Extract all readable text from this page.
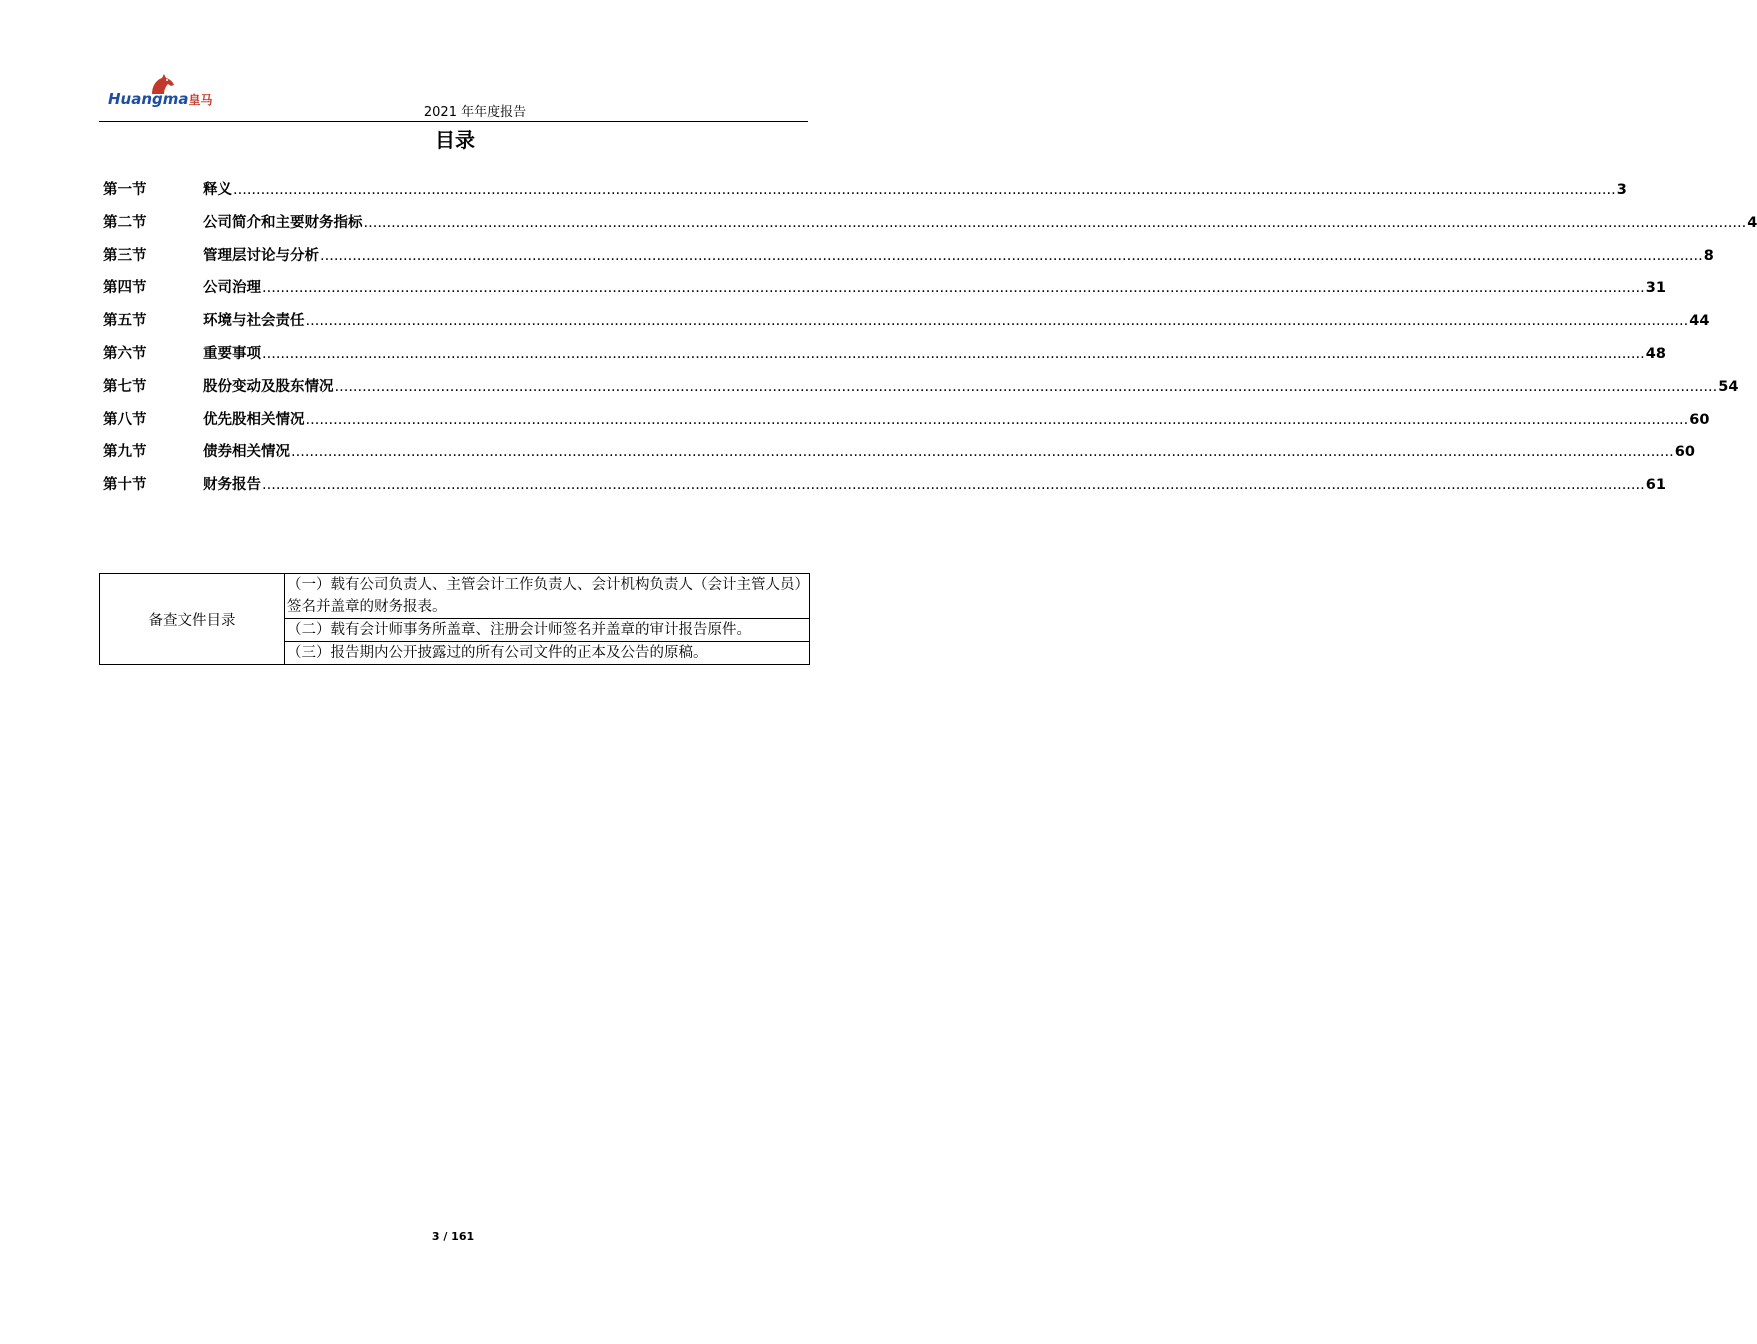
Huangma皇马
2021 年年度报告
目录
第一节	释义 ............................................................................................................................................................................................................................................................................................................ 3
第二节	公司简介和主要财务指标 ............................................................................................................................................................................................................................................................................................................ 4
第三节	管理层讨论与分析 ............................................................................................................................................................................................................................................................................................................ 8
第四节	公司治理 ............................................................................................................................................................................................................................................................................................................ 31
第五节	环境与社会责任 ............................................................................................................................................................................................................................................................................................................ 44
第六节	重要事项 ............................................................................................................................................................................................................................................................................................................ 48
第七节	股份变动及股东情况 ............................................................................................................................................................................................................................................................................................................ 54
第八节	优先股相关情况 ............................................................................................................................................................................................................................................................................................................ 60
第九节	债券相关情况 ............................................................................................................................................................................................................................................................................................................ 60
第十节	财务报告 ............................................................................................................................................................................................................................................................................................................ 61
备查文件目录	（一）载有公司负责人、主管会计工作负责人、会计机构负责人（会计主管人员）签名并盖章的财务报表。
（二）载有会计师事务所盖章、注册会计师签名并盖章的审计报告原件。
（三）报告期内公开披露过的所有公司文件的正本及公告的原稿。
3 / 161
